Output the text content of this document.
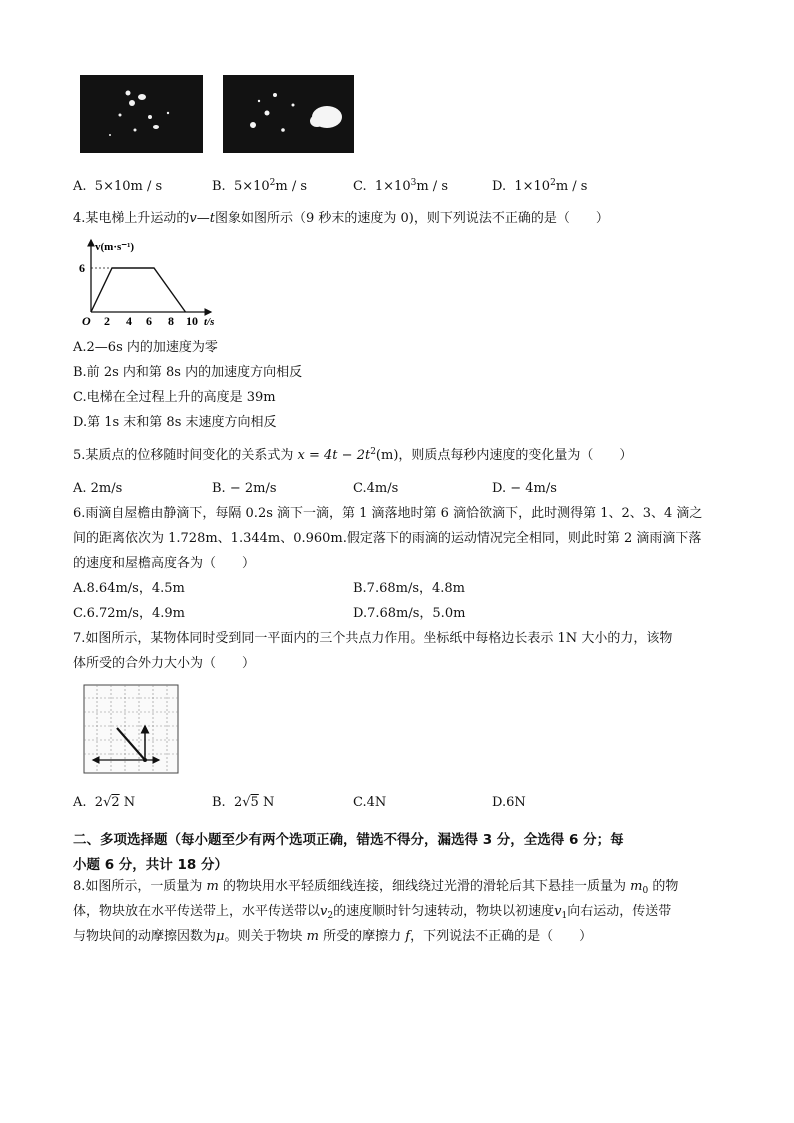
A. 5×10m / s	B. $5\times 10^2m / s$	C. $1\times 10^3m / s$	D. $1\times 10^2m / s$
4.某电梯上升运动的v—t图象如图所示（9 秒末的速度为 0)，则下列说法不正确的是（ ）
v(m·s⁻¹)
6
O 2 4 6 8 10 t/s
A.2—6s 内的加速度为零
B.前 2s 内和第 8s 内的加速度方向相反
C.电梯在全过程上升的高度是 39m
D.第 1s 末和第 8s 末速度方向相反
5.某质点的位移随时间变化的关系式为 $x = 4t - 2t^2(m)$，则质点每秒内速度的变化量为（ ）
A. 2m/s	B. − 2m/s	C.4m/s	D. − 4m/s
6.雨滴自屋檐由静滴下，每隔 0.2s 滴下一滴，第 1 滴落地时第 6 滴恰欲滴下，此时测得第 1、2、3、4 滴之
间的距离依次为 1.728m、1.344m、0.960m.假定落下的雨滴的运动情况完全相同，则此时第 2 滴雨滴下落
的速度和屋檐高度各为（ ）
A.8.64m/s，4.5m	B.7.68m/s，4.8m
C.6.72m/s，4.9m	D.7.68m/s，5.0m
7.如图所示，某物体同时受到同一平面内的三个共点力作用。坐标纸中每格边长表示 1N 大小的力，该物
体所受的合外力大小为（ ）
A. 2√2 N	B. 2√5 N	C.4N	D.6N
二、多项选择题（每小题至少有两个选项正确，错选不得分，漏选得 3 分，全选得 6 分；每
小题 6 分，共计 18 分）
8.如图所示，一质量为 m 的物块用水平轻质细线连接，细线绕过光滑的滑轮后其下悬挂一质量为 $m_0$ 的物
体，物块放在水平传送带上，水平传送带以$v_2$的速度顺时针匀速转动，物块以初速度$v_1$向右运动，传送带
与物块间的动摩擦因数为μ。则关于物块 m 所受的摩擦力 f，下列说法不正确的是（ ）
